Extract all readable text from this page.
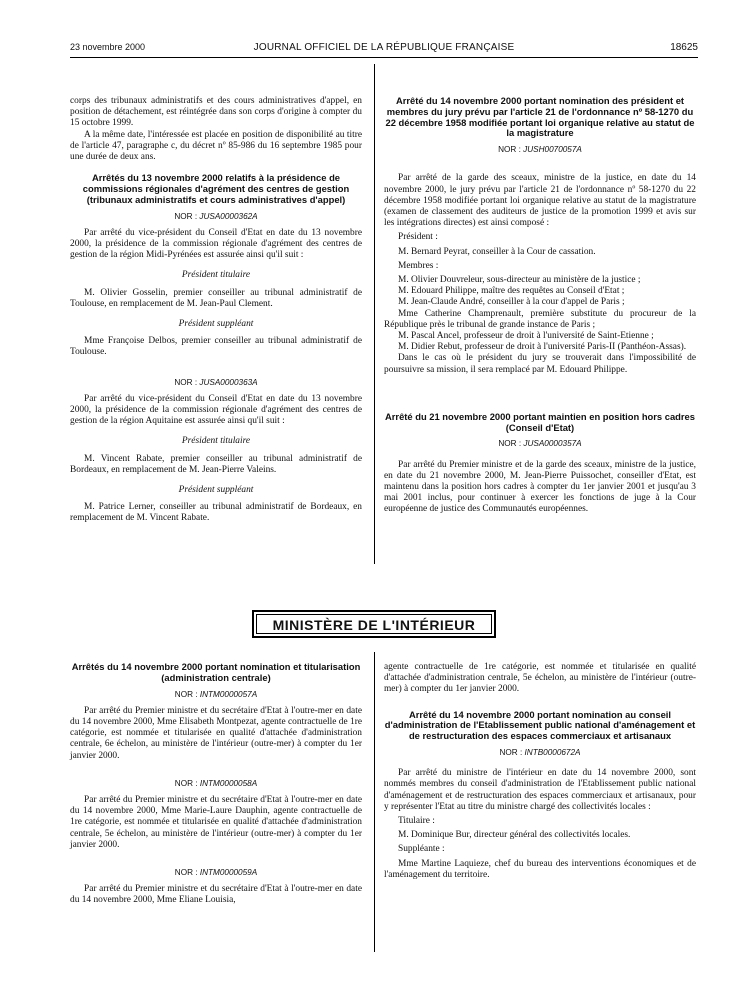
23 novembre 2000	JOURNAL OFFICIEL DE LA RÉPUBLIQUE FRANÇAISE	18625

corps des tribunaux administratifs et des cours administratives d'appel, en position de détachement, est réintégrée dans son corps d'origine à compter du 15 octobre 1999.

A la même date, l'intéressée est placée en position de disponibilité au titre de l'article 47, paragraphe c, du décret nº 85-986 du 16 septembre 1985 pour une durée de deux ans.

Arrêtés du 13 novembre 2000 relatifs à la présidence de commissions régionales d'agrément des centres de gestion (tribunaux administratifs et cours administratives d'appel)
NOR : JUSA0000362A

Par arrêté du vice-président du Conseil d'Etat en date du 13 novembre 2000, la présidence de la commission régionale d'agrément des centres de gestion de la région Midi-Pyrénées est assurée ainsi qu'il suit :

Président titulaire

M. Olivier Gosselin, premier conseiller au tribunal administratif de Toulouse, en remplacement de M. Jean-Paul Clement.

Président suppléant

Mme Françoise Delbos, premier conseiller au tribunal administratif de Toulouse.

NOR : JUSA0000363A

Par arrêté du vice-président du Conseil d'Etat en date du 13 novembre 2000, la présidence de la commission régionale d'agrément des centres de gestion de la région Aquitaine est assurée ainsi qu'il suit :

Président titulaire

M. Vincent Rabate, premier conseiller au tribunal administratif de Bordeaux, en remplacement de M. Jean-Pierre Valeins.

Président suppléant

M. Patrice Lerner, conseiller au tribunal administratif de Bordeaux, en remplacement de M. Vincent Rabate.

Arrêté du 14 novembre 2000 portant nomination des président et membres du jury prévu par l'article 21 de l'ordonnance nº 58-1270 du 22 décembre 1958 modifiée portant loi organique relative au statut de la magistrature
NOR : JUSH0070057A

Par arrêté de la garde des sceaux, ministre de la justice, en date du 14 novembre 2000, le jury prévu par l'article 21 de l'ordonnance nº 58-1270 du 22 décembre 1958 modifiée portant loi organique relative au statut de la magistrature (examen de classement des auditeurs de justice de la promotion 1999 et avis sur les intégrations directes) est ainsi composé :

Président :

M. Bernard Peyrat, conseiller à la Cour de cassation.

Membres :

M. Olivier Douvreleur, sous-directeur au ministère de la justice ;

M. Edouard Philippe, maître des requêtes au Conseil d'Etat ;

M. Jean-Claude André, conseiller à la cour d'appel de Paris ;

Mme Catherine Champrenault, première substitute du procureur de la République près le tribunal de grande instance de Paris ;

M. Pascal Ancel, professeur de droit à l'université de Saint-Etienne ;

M. Didier Rebut, professeur de droit à l'université Paris-II (Panthéon-Assas).

Dans le cas où le président du jury se trouverait dans l'impossibilité de poursuivre sa mission, il sera remplacé par M. Edouard Philippe.

Arrêté du 21 novembre 2000 portant maintien en position hors cadres (Conseil d'Etat)
NOR : JUSA0000357A

Par arrêté du Premier ministre et de la garde des sceaux, ministre de la justice, en date du 21 novembre 2000, M. Jean-Pierre Puissochet, conseiller d'Etat, est maintenu dans la position hors cadres à compter du 1er janvier 2001 et jusqu'au 3 mai 2001 inclus, pour continuer à exercer les fonctions de juge à la Cour européenne de justice des Communautés européennes.

MINISTÈRE DE L'INTÉRIEUR
Arrêtés du 14 novembre 2000 portant nomination et titularisation (administration centrale)
NOR : INTM0000057A

Par arrêté du Premier ministre et du secrétaire d'Etat à l'outre-mer en date du 14 novembre 2000, Mme Elisabeth Montpezat, agente contractuelle de 1re catégorie, est nommée et titularisée en qualité d'attachée d'administration centrale, 6e échelon, au ministère de l'intérieur (outre-mer) à compter du 1er janvier 2000.

NOR : INTM0000058A

Par arrêté du Premier ministre et du secrétaire d'Etat à l'outre-mer en date du 14 novembre 2000, Mme Marie-Laure Dauphin, agente contractuelle de 1re catégorie, est nommée et titularisée en qualité d'attachée d'administration centrale, 5e échelon, au ministère de l'intérieur (outre-mer) à compter du 1er janvier 2000.

NOR : INTM0000059A

Par arrêté du Premier ministre et du secrétaire d'Etat à l'outre-mer en date du 14 novembre 2000, Mme Eliane Louisia,

agente contractuelle de 1re catégorie, est nommée et titularisée en qualité d'attachée d'administration centrale, 5e échelon, au ministère de l'intérieur (outre-mer) à compter du 1er janvier 2000.

Arrêté du 14 novembre 2000 portant nomination au conseil d'administration de l'Etablissement public national d'aménagement et de restructuration des espaces commerciaux et artisanaux
NOR : INTB0000672A

Par arrêté du ministre de l'intérieur en date du 14 novembre 2000, sont nommés membres du conseil d'administration de l'Etablissement public national d'aménagement et de restructuration des espaces commerciaux et artisanaux, pour y représenter l'Etat au titre du ministre chargé des collectivités locales :

Titulaire :

M. Dominique Bur, directeur général des collectivités locales.

Suppléante :

Mme Martine Laquieze, chef du bureau des interventions économiques et de l'aménagement du territoire.
